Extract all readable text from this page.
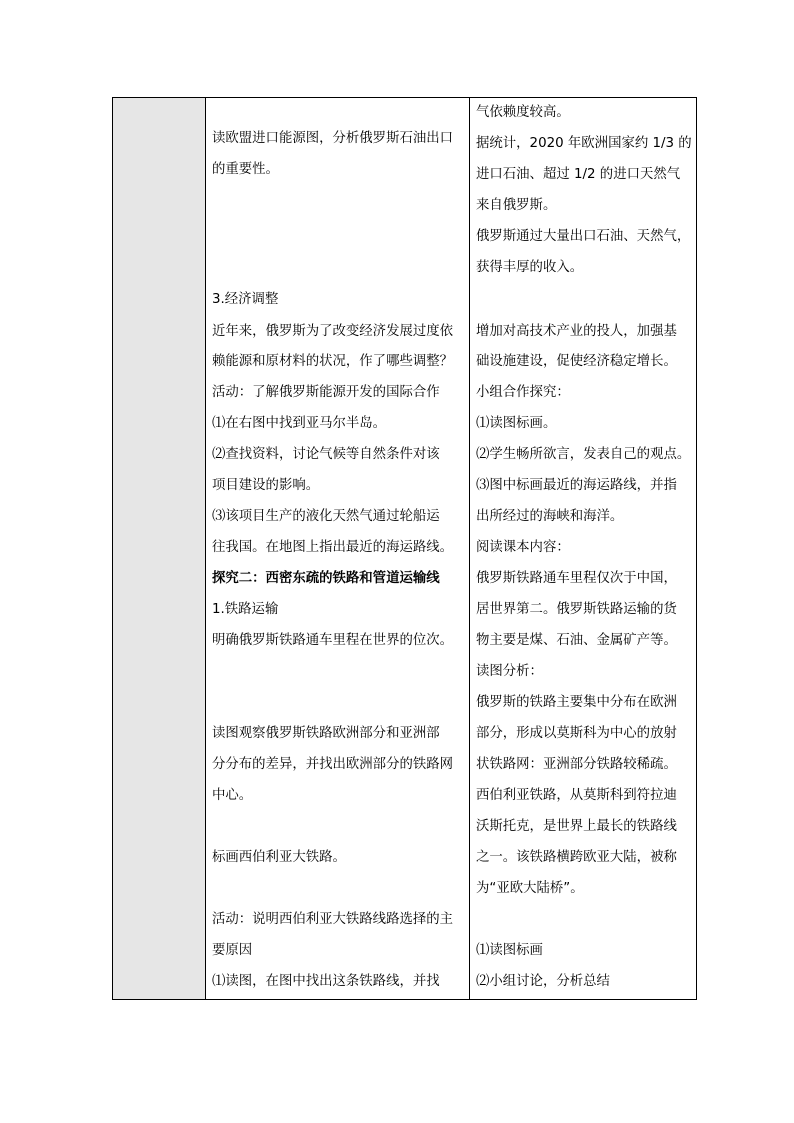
读欧盟进口能源图，分析俄罗斯石油出口
的重要性。
3.经济调整
近年来，俄罗斯为了改变经济发展过度依
赖能源和原材料的状况，作了哪些调整？
活动：了解俄罗斯能源开发的国际合作
⑴在右图中找到亚马尔半岛。
⑵查找资料，讨论气候等自然条件对该
项目建设的影响。
⑶该项目生产的液化天然气通过轮船运
往我国。在地图上指出最近的海运路线。
探究二：西密东疏的铁路和管道运输线
1.铁路运输
明确俄罗斯铁路通车里程在世界的位次。
读图观察俄罗斯铁路欧洲部分和亚洲部
分分布的差异，并找出欧洲部分的铁路网
中心。
标画西伯利亚大铁路。
活动：说明西伯利亚大铁路线路选择的主
要原因
⑴读图，在图中找出这条铁路线，并找
气依赖度较高。
据统计，2020 年欧洲国家约 1/3 的
进口石油、超过 1/2 的进口天然气
来自俄罗斯。
俄罗斯通过大量出口石油、天然气，
获得丰厚的收入。
增加对高技术产业的投人，加强基
础设施建设，促使经济稳定增长。
小组合作探究：
⑴读图标画。
⑵学生畅所欲言，发表自己的观点。
⑶图中标画最近的海运路线，并指
出所经过的海峡和海洋。
阅读课本内容：
俄罗斯铁路通车里程仅次于中国，
居世界第二。俄罗斯铁路运输的货
物主要是煤、石油、金属矿产等。
读图分析：
俄罗斯的铁路主要集中分布在欧洲
部分，形成以莫斯科为中心的放射
状铁路网：亚洲部分铁路较稀疏。
西伯利亚铁路，从莫斯科到符拉迪
沃斯托克，是世界上最长的铁路线
之一。该铁路横跨欧亚大陆，被称
为“亚欧大陆桥”。
⑴读图标画
⑵小组讨论，分析总结
